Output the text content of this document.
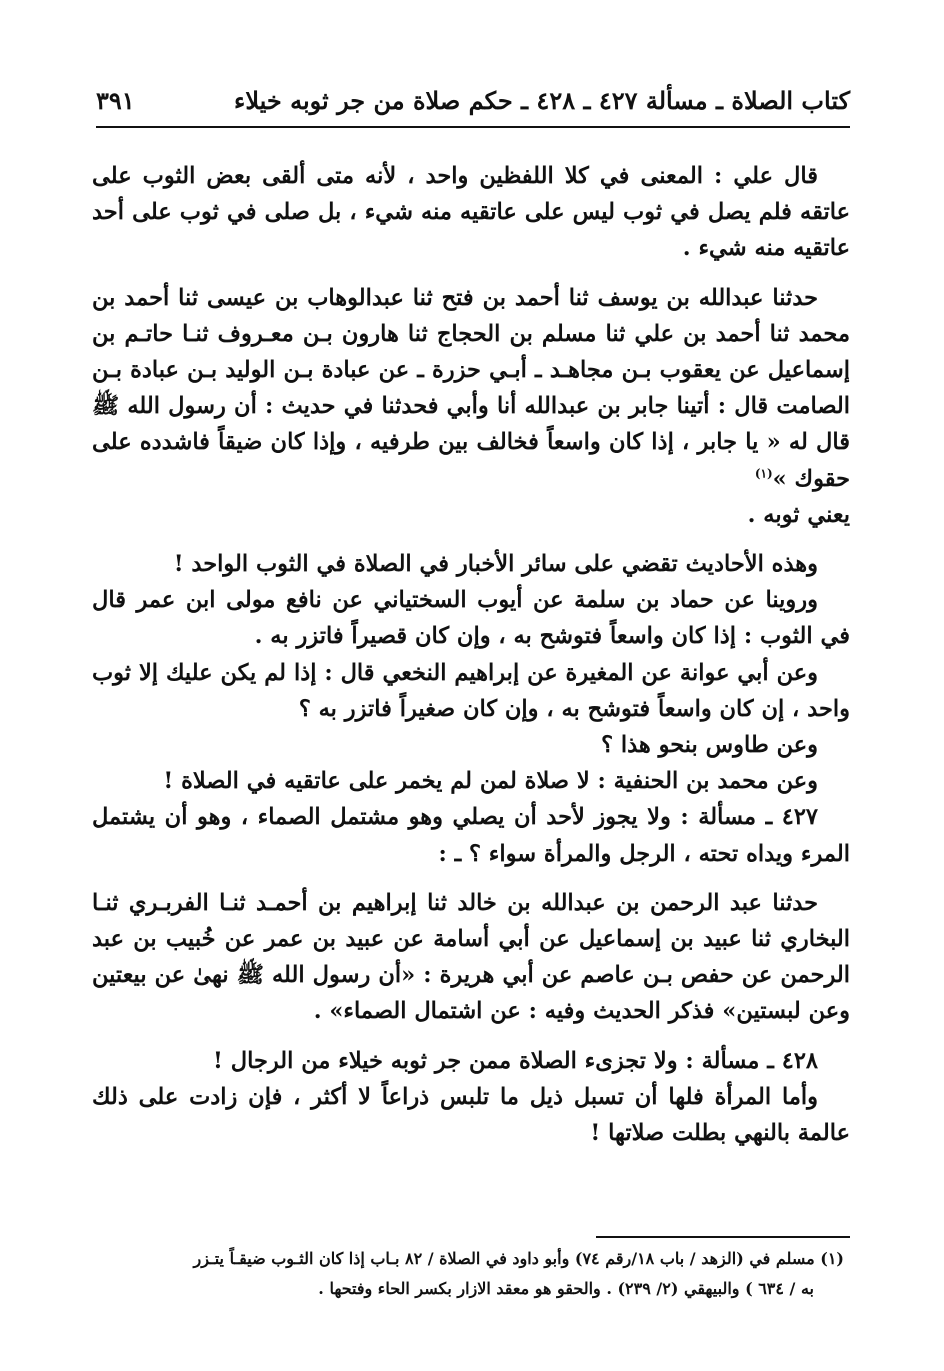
كتاب الصلاة ـ مسألة ٤٢٧ ـ ٤٢٨ ـ حكم صلاة من جر ثوبه خيلاء
٣٩١

قال علي : المعنى في كلا اللفظين واحد ، لأنه متى ألقى بعض الثوب على عاتقه فلم يصل في ثوب ليس على عاتقيه منه شيء ، بل صلى في ثوب على أحد عاتقيه منه شيء .

حدثنا عبدالله بن يوسف ثنا أحمد بن فتح ثنا عبدالوهاب بن عيسى ثنا أحمد بن محمد ثنا أحمد بن علي ثنا مسلم بن الحجاج ثنا هارون بـن معـروف ثنـا حاتـم بن إسماعيل عن يعقوب بـن مجاهـد ـ أبـي حزرة ـ عن عبادة بـن الوليد بـن عبادة بـن الصامت قال : أتينا جابر بن عبدالله أنا وأبي فحدثنا في حديث : أن رسول الله ﷺ قال له « يا جابر ، إذا كان واسعاً فخالف بين طرفيه ، وإذا كان ضيقاً فاشدده على حقوك »$^{(١)}$
يعني ثوبه .

وهذه الأحاديث تقضي على سائر الأخبار في الصلاة في الثوب الواحد !

وروينا عن حماد بن سلمة عن أيوب السختياني عن نافع مولى ابن عمر قال في الثوب : إذا كان واسعاً فتوشح به ، وإن كان قصيراً فاتزر به .

وعن أبي عوانة عن المغيرة عن إبراهيم النخعي قال : إذا لم يكن عليك إلا ثوب واحد ، إن كان واسعاً فتوشح به ، وإن كان صغيراً فاتزر به ؟

وعن طاوس بنحو هذا ؟

وعن محمد بن الحنفية : لا صلاة لمن لم يخمر على عاتقيه في الصلاة !

٤٢٧ ـ مسألة : ولا يجوز لأحد أن يصلي وهو مشتمل الصماء ، وهو أن يشتمل المرء ويداه تحته ، الرجل والمرأة سواء ؟ ـ :

حدثنا عبد الرحمن بن عبدالله بن خالد ثنا إبراهيم بن أحمـد ثنـا الفربـري ثنـا البخاري ثنا عبيد بن إسماعيل عن أبي أسامة عن عبيد بن عمر عن خُبيب بن عبد الرحمن عن حفص بـن عاصم عن أبي هريرة : «أن رسول الله ﷺ نهىٰ عن بيعتين وعن لبستين» فذكر الحديث وفيه : عن اشتمال الصماء» .

٤٢٨ ـ مسألة : ولا تجزىء الصلاة ممن جر ثوبه خيلاء من الرجال !

وأما المرأة فلها أن تسبل ذيل ما تلبس ذراعاً لا أكثر ، فإن زادت على ذلك عالمة بالنهي بطلت صلاتها !

(١) مسلم في (الزهد / باب ١٨/رقم ٧٤) وأبو داود في الصلاة / ٨٢ بـاب إذا كان الثـوب ضيقـاً يتـزر

به / ٦٣٤ ) والبيهقي (٢/ ٢٣٩) . والحقو هو معقد الازار بكسر الحاء وفتحها .
